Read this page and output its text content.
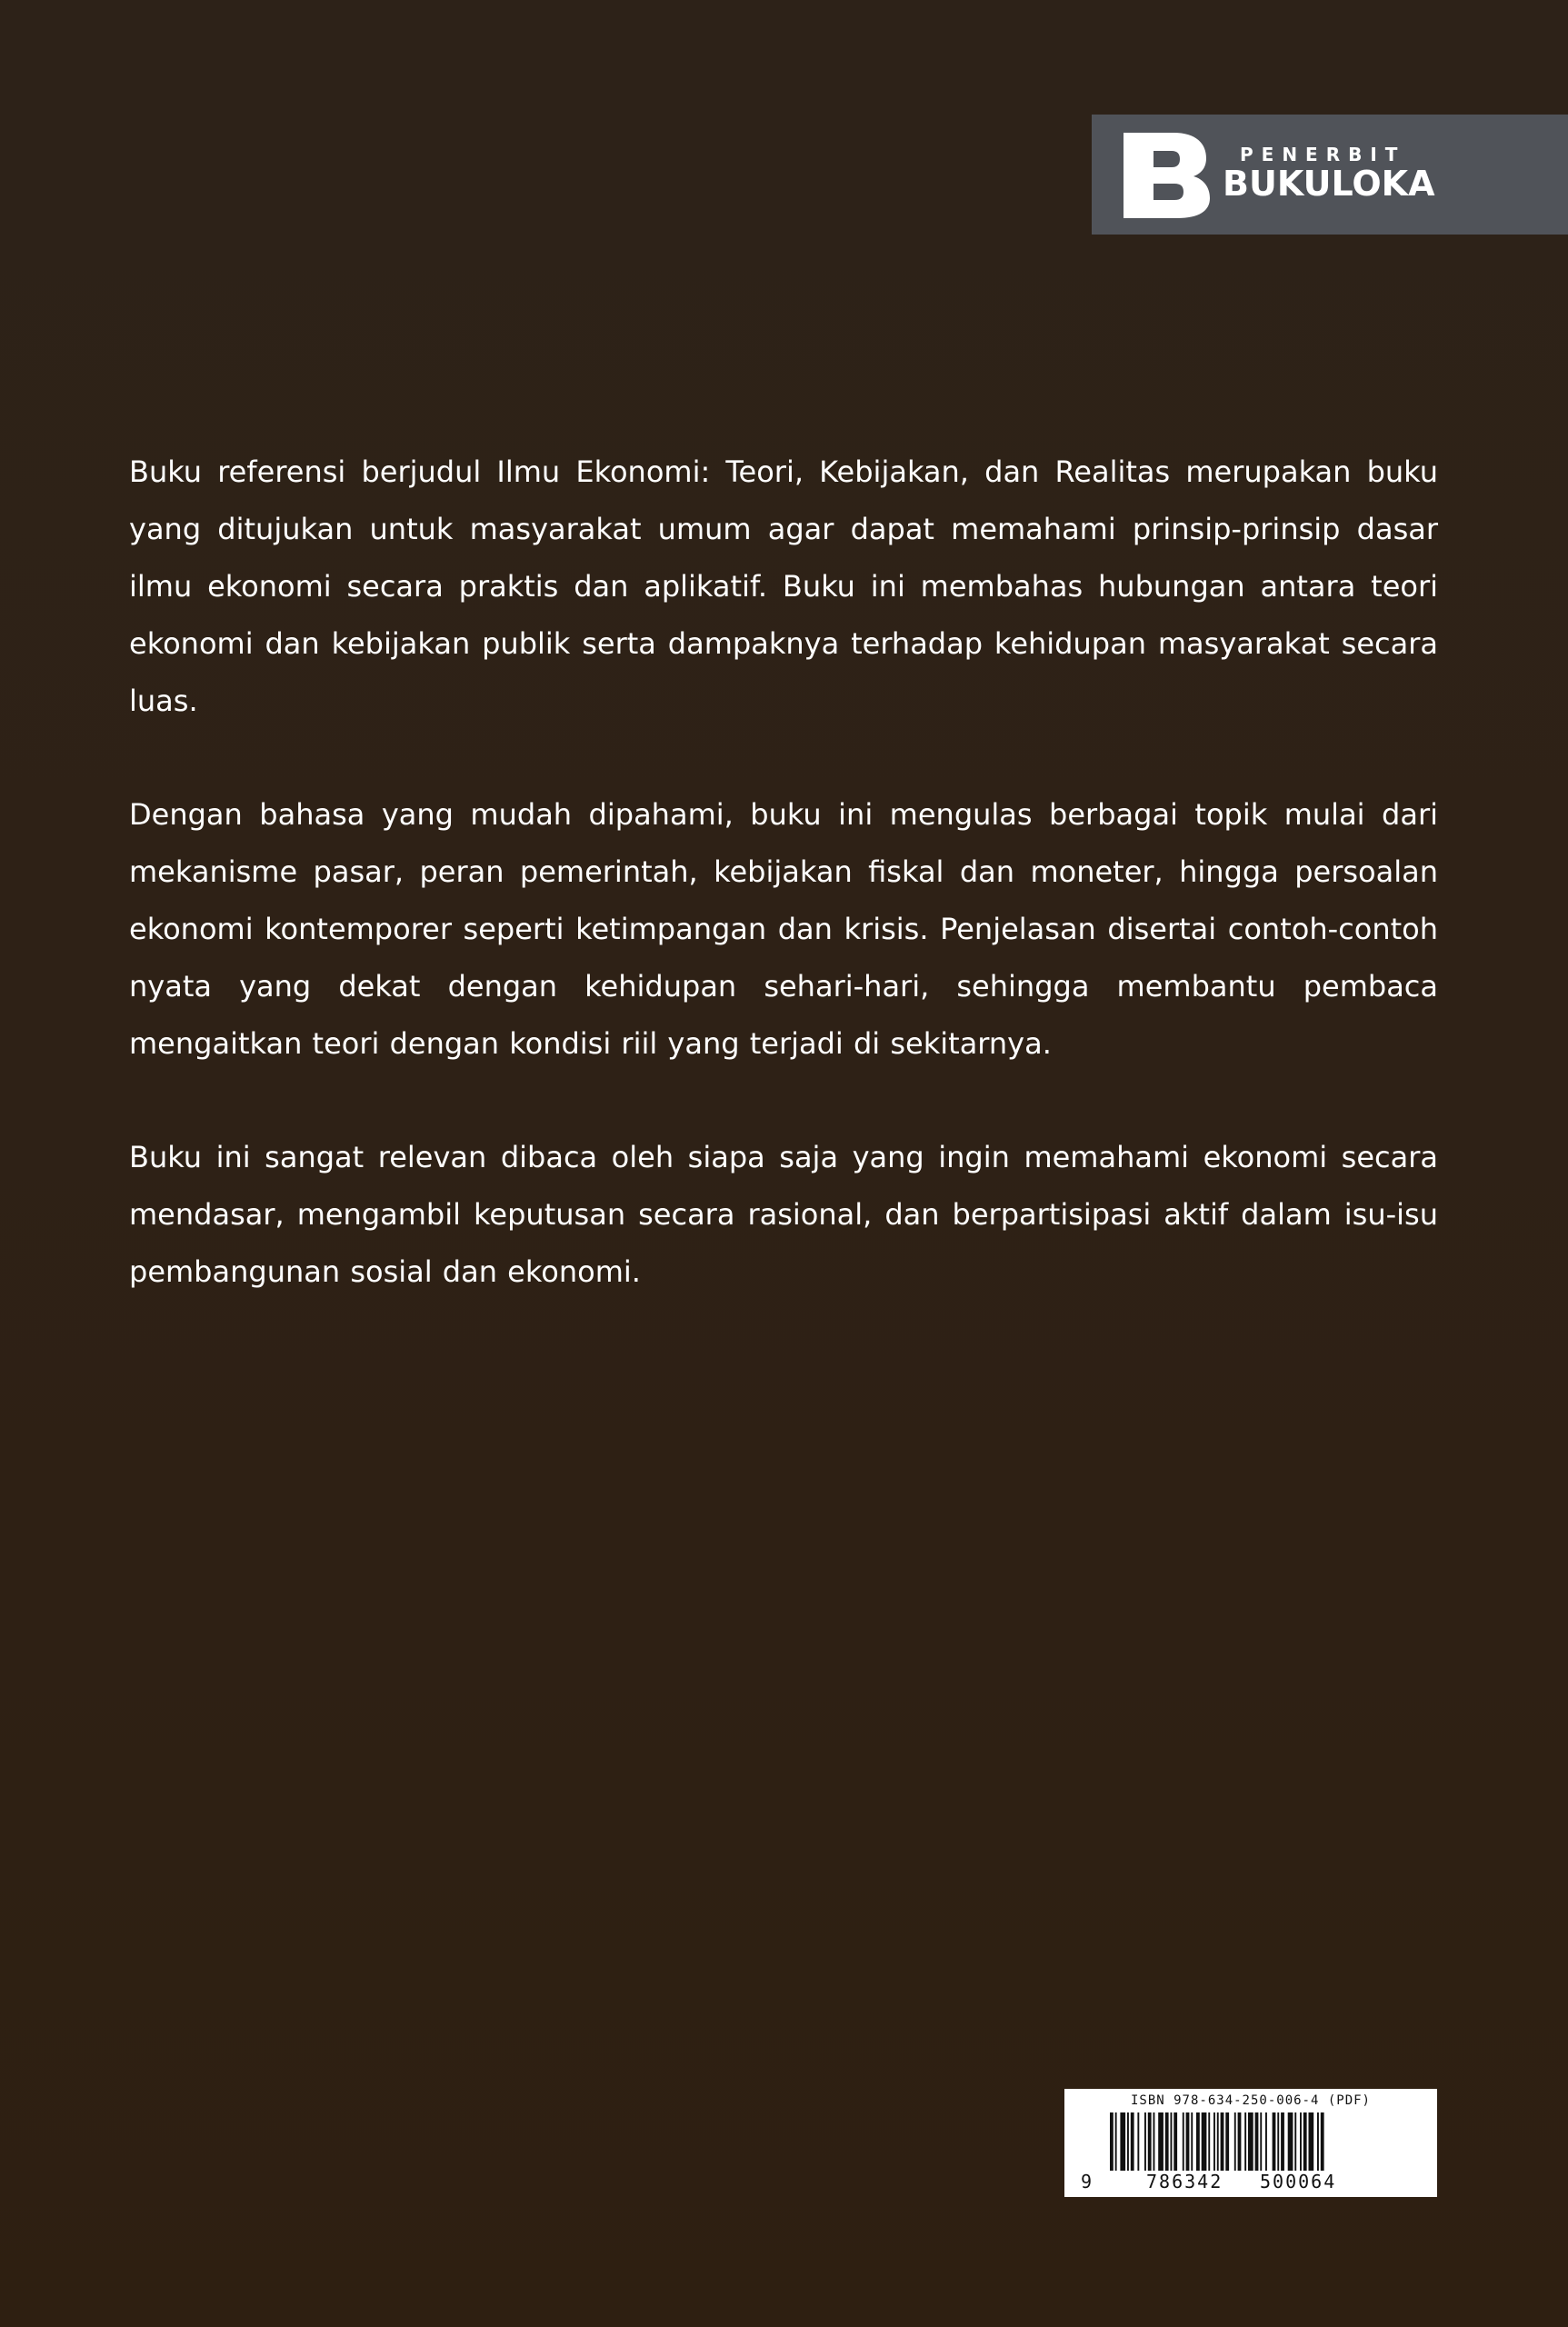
PENERBIT
BUKULOKA

Buku referensi berjudul Ilmu Ekonomi: Teori, Kebijakan, dan Realitas merupakan buku yang ditujukan untuk masyarakat umum agar dapat memahami prinsip-prinsip dasar ilmu ekonomi secara praktis dan aplikatif. Buku ini membahas hubungan antara teori ekonomi dan kebijakan publik serta dampaknya terhadap kehidupan masyarakat secara luas.

Dengan bahasa yang mudah dipahami, buku ini mengulas berbagai topik mulai dari mekanisme pasar, peran pemerintah, kebijakan fiskal dan moneter, hingga persoalan ekonomi kontemporer seperti ketimpangan dan krisis. Penjelasan disertai contoh-contoh nyata yang dekat dengan kehidupan sehari-hari, sehingga membantu pembaca mengaitkan teori dengan kondisi riil yang terjadi di sekitarnya.

Buku ini sangat relevan dibaca oleh siapa saja yang ingin memahami ekonomi secara mendasar, mengambil keputusan secara rasional, dan berpartisipasi aktif dalam isu-isu pembangunan sosial dan ekonomi.

ISBN 978-634-250-006-4 (PDF)
9	786342 500064
